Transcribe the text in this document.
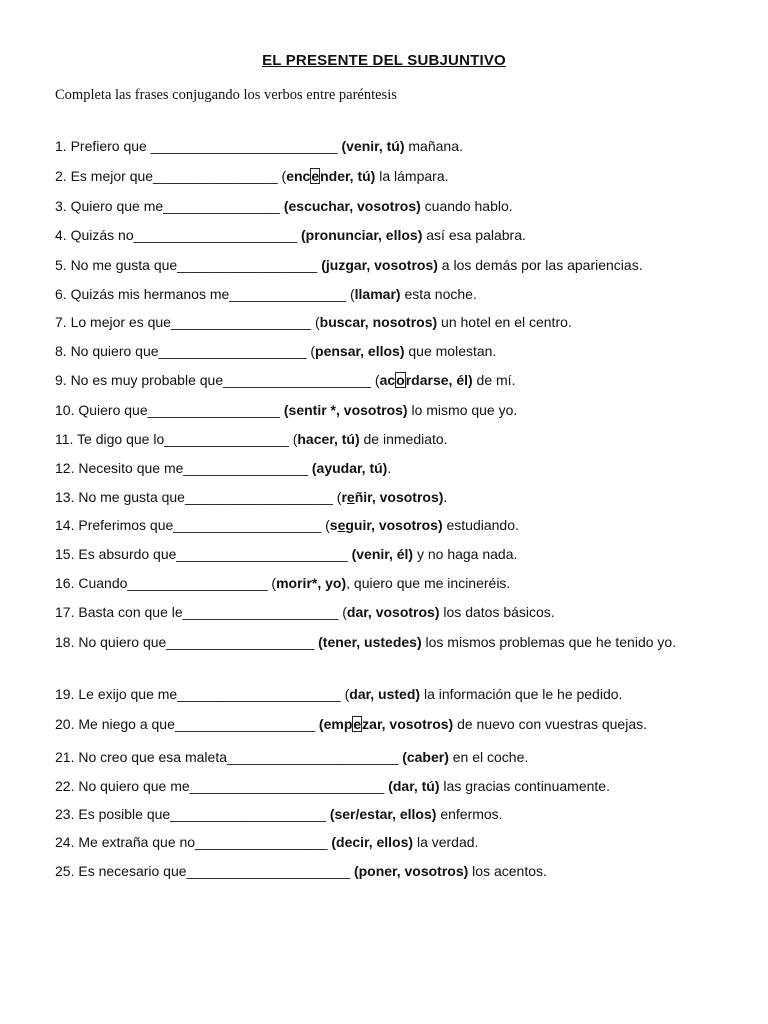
EL PRESENTE DEL SUBJUNTIVO
Completa las frases conjugando los verbos entre paréntesis
1. Prefiero que ________________________ (venir, tú) mañana.
2. Es mejor que________________ (encender, tú) la lámpara.
3. Quiero que me_______________ (escuchar, vosotros) cuando hablo.
4. Quizás no_____________________ (pronunciar, ellos) así esa palabra.
5. No me gusta que__________________ (juzgar, vosotros) a los demás por las apariencias.
6. Quizás mis hermanos me_______________ (llamar) esta noche.
7. Lo mejor es que__________________ (buscar, nosotros) un hotel en el centro.
8. No quiero que___________________ (pensar, ellos) que molestan.
9. No es muy probable que___________________ (acordarse, él) de mí.
10. Quiero que_________________ (sentir *, vosotros) lo mismo que yo.
11. Te digo que lo________________ (hacer, tú) de inmediato.
12. Necesito que me________________ (ayudar, tú).
13. No me gusta que___________________ (reñir, vosotros).
14. Preferimos que___________________ (seguir, vosotros) estudiando.
15. Es absurdo que______________________ (venir, él) y no haga nada.
16. Cuando__________________ (morir*, yo), quiero que me incineréis.
17. Basta con que le____________________ (dar, vosotros) los datos básicos.
18. No quiero que___________________ (tener, ustedes) los mismos problemas que he tenido yo.
19. Le exijo que me_____________________ (dar, usted) la información que le he pedido.
20. Me niego a que__________________ (empezar, vosotros) de nuevo con vuestras quejas.
21. No creo que esa maleta______________________ (caber) en el coche.
22. No quiero que me_________________________ (dar, tú) las gracias continuamente.
23. Es posible que____________________ (ser/estar, ellos) enfermos.
24. Me extraña que no_________________ (decir, ellos) la verdad.
25. Es necesario que_____________________ (poner, vosotros) los acentos.
